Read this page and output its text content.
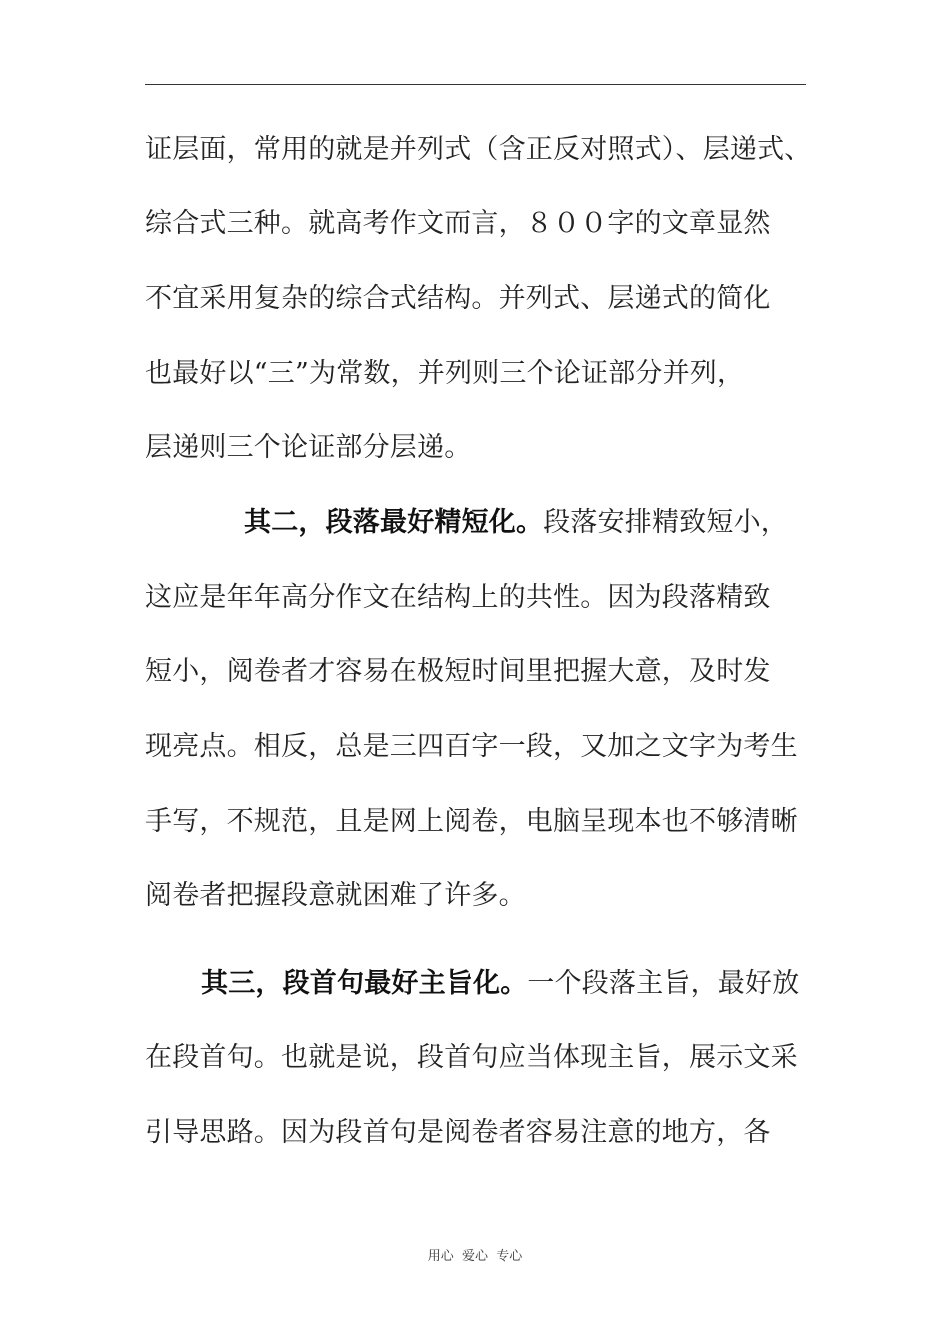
证层面，常用的就是并列式（含正反对照式）、层递式、
综合式三种。就高考作文而言，８００字的文章显然
不宜采用复杂的综合式结构。并列式、层递式的简化
也最好以“三”为常数，并列则三个论证部分并列，
层递则三个论证部分层递。
其二，段落最好精短化。段落安排精致短小，
这应是年年高分作文在结构上的共性。因为段落精致
短小，阅卷者才容易在极短时间里把握大意，及时发
现亮点。相反，总是三四百字一段，又加之文字为考生
手写，不规范，且是网上阅卷，电脑呈现本也不够清晰
阅卷者把握段意就困难了许多。
其三，段首句最好主旨化。一个段落主旨，最好放
在段首句。也就是说，段首句应当体现主旨，展示文采
引导思路。因为段首句是阅卷者容易注意的地方，各
用心  爱心  专心
